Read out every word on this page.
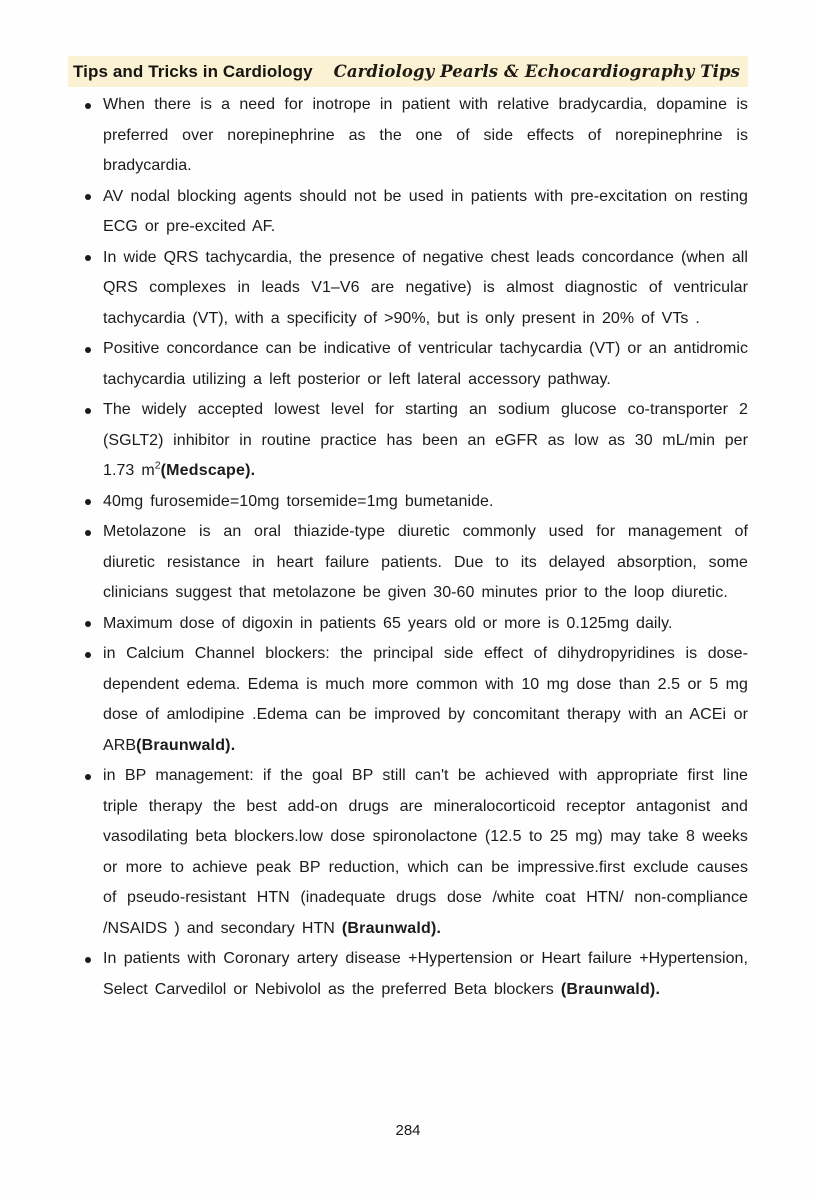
Tips and Tricks in Cardiology Cardiology Pearls & Echocardiography Tips
When there is a need for inotrope in patient with relative bradycardia, dopamine is preferred over norepinephrine as the one of side effects of norepinephrine is bradycardia.
AV nodal blocking agents should not be used in patients with pre-excitation on resting ECG or pre-excited AF.
In wide QRS tachycardia, the presence of negative chest leads concordance (when all QRS complexes in leads V1–V6 are negative) is almost diagnostic of ventricular tachycardia (VT), with a specificity of >90%, but is only present in 20% of VTs .
Positive concordance can be indicative of ventricular tachycardia (VT) or an antidromic tachycardia utilizing a left posterior or left lateral accessory pathway.
The widely accepted lowest level for starting an sodium glucose co-transporter 2 (SGLT2) inhibitor in routine practice has been an eGFR as low as 30 mL/min per 1.73 $m^2(Medscape)$.
40mg furosemide=10mg torsemide=1mg bumetanide.
Metolazone is an oral thiazide-type diuretic commonly used for management of diuretic resistance in heart failure patients. Due to its delayed absorption, some clinicians suggest that metolazone be given 30-60 minutes prior to the loop diuretic.
Maximum dose of digoxin in patients 65 years old or more is 0.125mg daily.
in Calcium Channel blockers: the principal side effect of dihydropyridines is dose-dependent edema. Edema is much more common with 10 mg dose than 2.5 or 5 mg dose of amlodipine .Edema can be improved by concomitant therapy with an ACEi or ARB(Braunwald).
in BP management: if the goal BP still can't be achieved with appropriate first line triple therapy the best add-on drugs are mineralocorticoid receptor antagonist and vasodilating beta blockers.low dose spironolactone (12.5 to 25 mg) may take 8 weeks or more to achieve peak BP reduction, which can be impressive.first exclude causes of pseudo-resistant HTN (inadequate drugs dose /white coat HTN/ non-compliance /NSAIDS ) and secondary HTN (Braunwald).
In patients with Coronary artery disease +Hypertension or Heart failure +Hypertension, Select Carvedilol or Nebivolol as the preferred Beta blockers (Braunwald).
284
